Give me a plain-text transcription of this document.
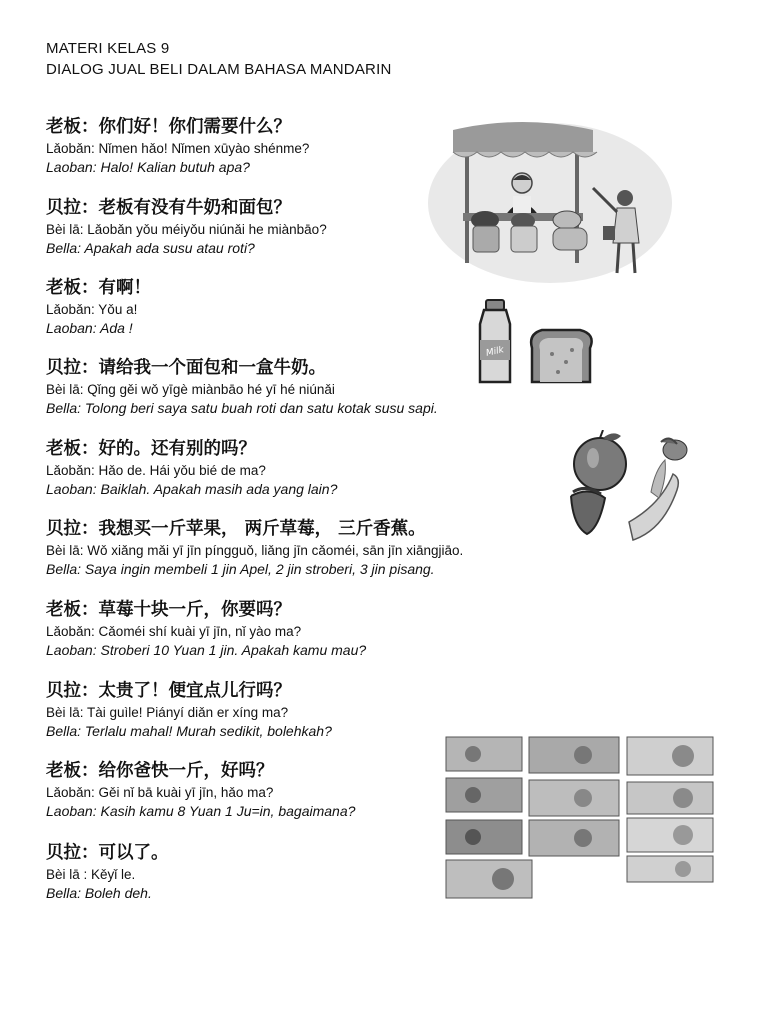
MATERI KELAS 9
DIALOG JUAL BELI DALAM BAHASA MANDARIN
老板：你们好！你们需要什么？
Lǎobǎn: Nǐmen hǎo! Nǐmen xūyào shénme?
Laoban: Halo! Kalian butuh apa?
贝拉：老板有没有牛奶和面包？
Bèi lā: Lǎobǎn yǒu méiyǒu niúnǎi he miànbāo?
Bella: Apakah ada susu atau roti?
老板：有啊！
Lǎobǎn: Yǒu a!
Laoban: Ada !
贝拉：请给我一个面包和一盒牛奶。
Bèi lā: Qǐng gěi wǒ yīgè miànbāo hé yī hé niúnǎi
Bella: Tolong beri saya satu buah roti dan satu kotak susu sapi.
老板：好的。还有别的吗？
Lǎobǎn: Hǎo de. Hái yǒu bié de ma?
Laoban: Baiklah. Apakah masih ada yang lain?
贝拉：我想买一斤苹果， 两斤草莓， 三斤香蕉。
Bèi lā: Wǒ xiǎng mǎi yī jīn píngguǒ, liǎng jīn cǎoméi, sān jīn xiāngjiāo.
Bella: Saya ingin membeli 1 jin Apel, 2 jin stroberi, 3 jin pisang.
老板：草莓十块一斤，你要吗？
Lǎobǎn: Cǎoméi shí kuài yī jīn, nǐ yào ma?
Laoban: Stroberi 10 Yuan 1 jin. Apakah kamu mau?
贝拉：太贵了！便宜点儿行吗？
Bèi lā: Tài guìle! Piányí diǎn er xíng ma?
Bella: Terlalu mahal! Murah sedikit, bolehkah?
老板：给你爸快一斤，好吗？
Lǎobǎn: Gěi nǐ bā kuài yī jīn, hǎo ma?
Laoban: Kasih kamu 8 Yuan 1 Ju=in, bagaimana?
贝拉：可以了。
Bèi lā : Kěyǐ le.
Bella: Boleh deh.
Milk
